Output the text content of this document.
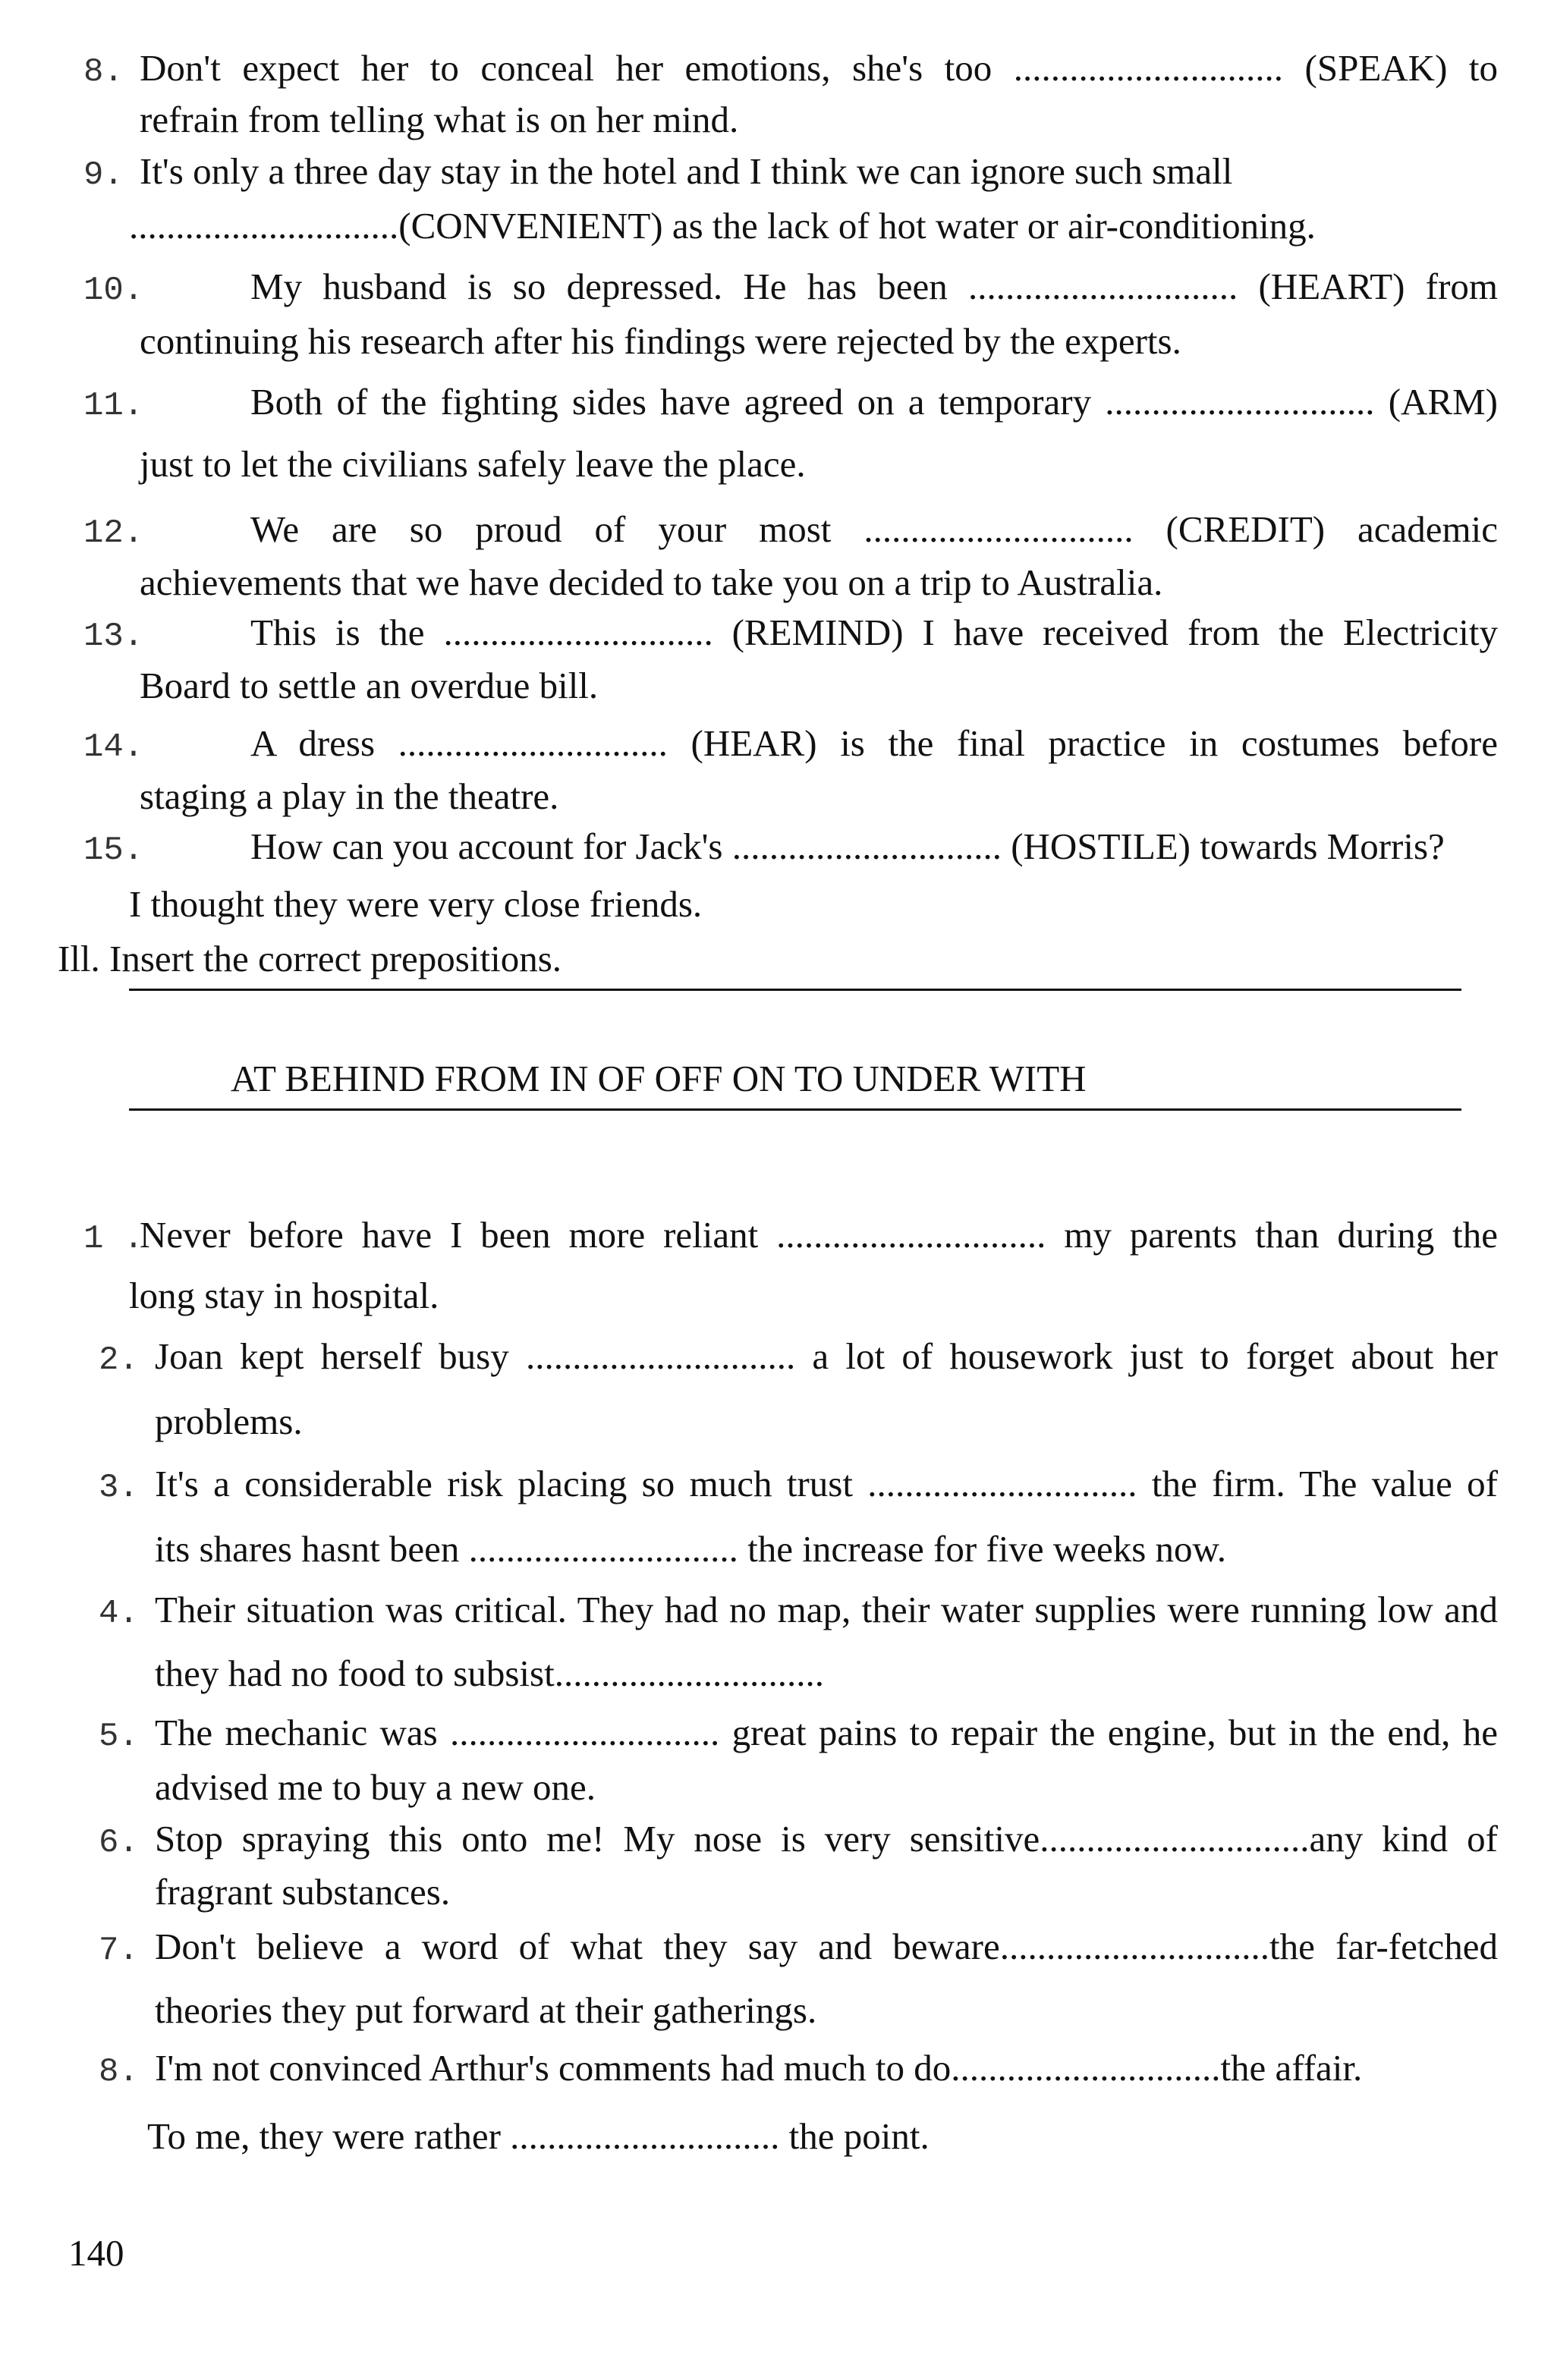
8. Don't expect her to conceal her emotions, she's too ............................. (SPEAK) to
refrain from telling what is on her mind.
9. It's only a three day stay in the hotel and I think we can ignore such small
.............................(CONVENIENT) as the lack of hot water or air-conditioning.
10.	My husband is so depressed. He has been ............................. (HEART) from
continuing his research after his findings were rejected by the experts.
11.	Both of the fighting sides have agreed on a temporary ............................. (ARM)
just to let the civilians safely leave the place.
12.	We are so proud of your most ............................. (CREDIT) academic
achievements that we have decided to take you on a trip to Australia.
13.	This is the ............................. (REMIND) I have received from the Electricity
Board to settle an overdue bill.
14.	A dress ............................. (HEAR) is the final practice in costumes before
staging a play in the theatre.
15.	How can you account for Jack's ............................. (HOSTILE) towards Morris?
I thought they were very close friends.
Ill. Insert the correct prepositions.
AT BEHIND FROM IN OF OFF ON TO UNDER WITH
1 .
Never before have I been more reliant ............................. my parents than during the
long stay in hospital.
2. Joan kept herself busy ............................. a lot of housework just to forget about her
problems.
3. It's a considerable risk placing so much trust ............................. the firm. The value of
its shares hasnt been ............................. the increase for five weeks now.
4. Their situation was critical. They had no map, their water supplies were running low and
they had no food to subsist.............................
5. The mechanic was ............................. great pains to repair the engine, but in the end, he
advised me to buy a new one.
6. Stop spraying this onto me! My nose is very sensitive.............................any kind of
fragrant substances.
7. Don't believe a word of what they say and beware.............................the far-fetched
theories they put forward at their gatherings.
8. I'm not convinced Arthur's comments had much to do.............................the affair.
To me, they were rather ............................. the point.
140
